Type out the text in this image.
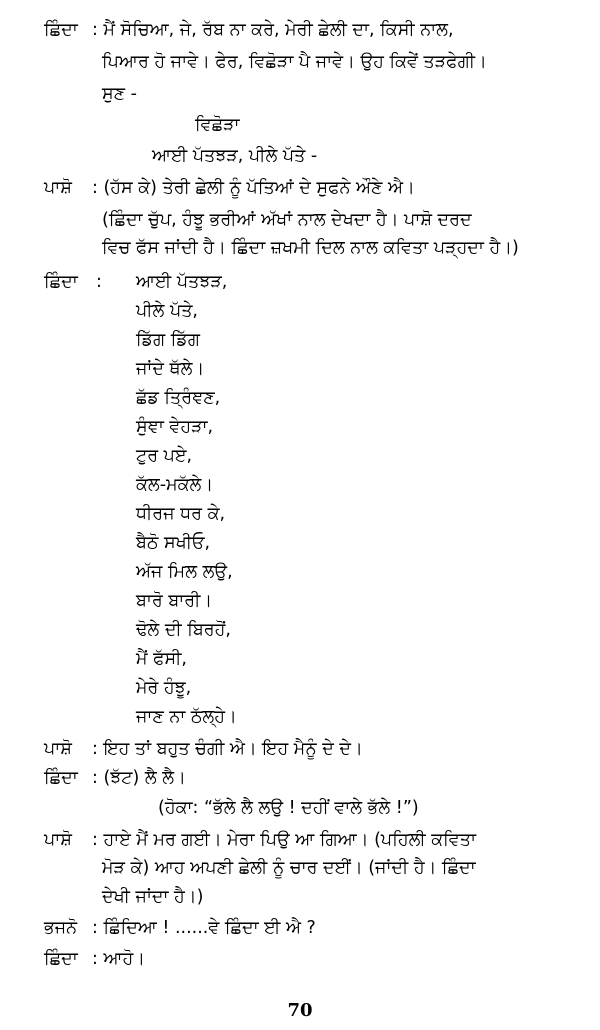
ਛਿੰਦਾ : ਮੈਂ ਸੋਚਿਆ, ਜੇ, ਰੱਬ ਨਾ ਕਰੇ, ਮੇਰੀ ਛੇਲੀ ਦਾ, ਕਿਸੀ ਨਾਲ,
ਪਿਆਰ ਹੋ ਜਾਵੇ। ਫੇਰ, ਵਿਛੋੜਾ ਪੈ ਜਾਵੇ। ਉਹ ਕਿਵੇਂ ਤੜਫੇਗੀ।
ਸੁਣ -
ਵਿਛੋੜਾ
ਆਈ ਪੱਤਝੜ, ਪੀਲੇ ਪੱਤੇ -
ਪਾਸ਼ੋ : (ਹੱਸ ਕੇ) ਤੇਰੀ ਛੇਲੀ ਨੂੰ ਪੱਤਿਆਂ ਦੇ ਸੁਫਨੇ ਔਣੇ ਐ।
(ਛਿੰਦਾ ਚੁੱਪ, ਹੰਝੂ ਭਰੀਆਂ ਅੱਖਾਂ ਨਾਲ ਦੇਖਦਾ ਹੈ। ਪਾਸ਼ੋ ਦਰਦ
ਵਿਚ ਫੱਸ ਜਾਂਦੀ ਹੈ। ਛਿੰਦਾ ਜ਼ਖਮੀ ਦਿਲ ਨਾਲ ਕਵਿਤਾ ਪੜ੍ਹਦਾ ਹੈ।)
ਛਿੰਦਾ : ਆਈ ਪੱਤਝੜ,
ਪੀਲੇ ਪੱਤੇ,
ਡਿੱਗ ਡਿੱਗ
ਜਾਂਦੇ ਥੱਲੇ।
ਛੱਡ ਤ੍ਰਿੰਞਣ,
ਸੁੰਞਾ ਵੇਹੜਾ,
ਟੁਰ ਪਏ,
ਕੱਲ-ਮਕੱਲੇ।
ਧੀਰਜ ਧਰ ਕੇ,
ਬੈਠੋ ਸਖੀਓ,
ਅੱਜ ਮਿਲ ਲਉ,
ਬਾਰੋ ਬਾਰੀ।
ਢੋਲੇ ਦੀ ਬਿਰਹੋਂ,
ਮੈਂ ਫੱਸੀ,
ਮੇਰੇ ਹੰਝੂ,
ਜਾਣ ਨਾ ਠੱਲ੍ਹੇ।
ਪਾਸ਼ੋ : ਇਹ ਤਾਂ ਬਹੁਤ ਚੰਗੀ ਐ। ਇਹ ਮੈਨੂੰ ਦੇ ਦੇ।
ਛਿੰਦਾ : (ਝੱਟ) ਲੈ ਲੈ।
(ਹੋਕਾ: “ਭੱਲੇ ਲੈ ਲਉ ! ਦਹੀਂ ਵਾਲੇ ਭੱਲੇ !”)
ਪਾਸ਼ੋ : ਹਾਏ ਮੈਂ ਮਰ ਗਈ। ਮੇਰਾ ਪਿਉ ਆ ਗਿਆ। (ਪਹਿਲੀ ਕਵਿਤਾ
ਮੋੜ ਕੇ) ਆਹ ਅਪਣੀ ਛੇਲੀ ਨੂੰ ਚਾਰ ਦਈਂ। (ਜਾਂਦੀ ਹੈ। ਛਿੰਦਾ
ਦੇਖੀ ਜਾਂਦਾ ਹੈ।)
ਭਜਨੋ : ਛਿੰਦਿਆ ! ......ਵੇ ਛਿੰਦਾ ਈ ਐ ?
ਛਿੰਦਾ : ਆਹੋ।
70
